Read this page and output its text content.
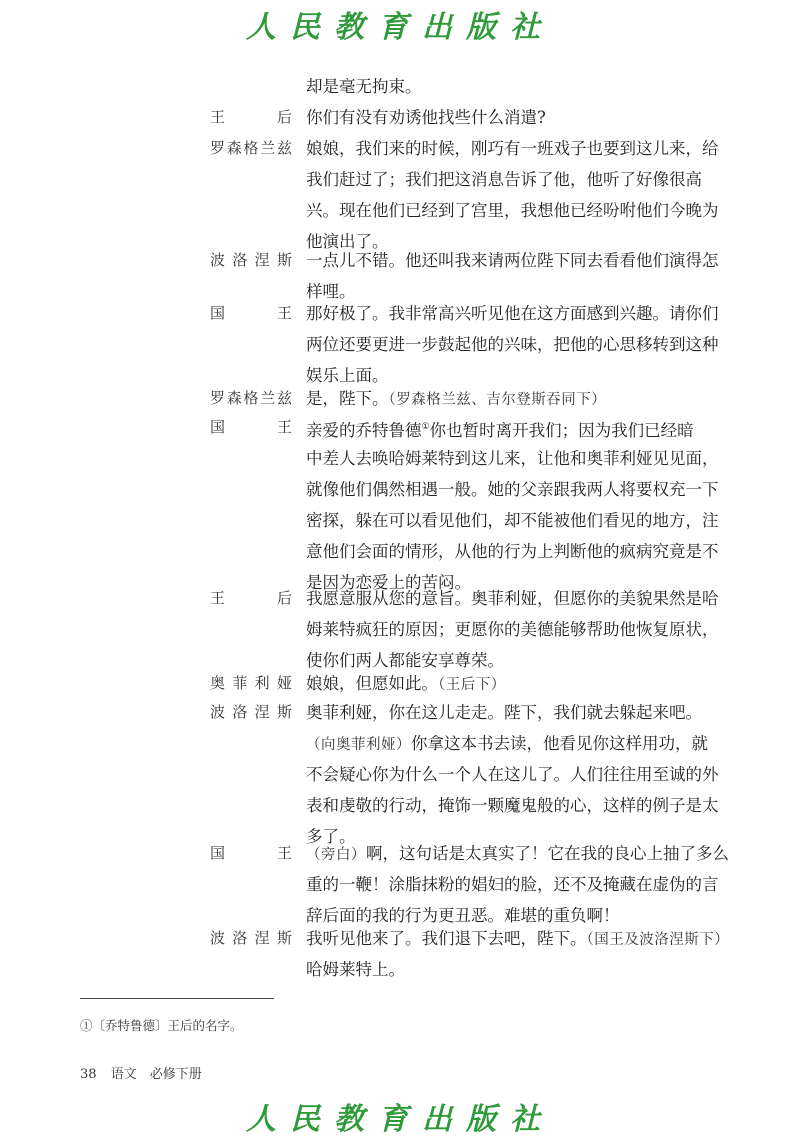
人民教育出版社
却是毫无拘束。
王	后 你们有没有劝诱他找些什么消遣?
罗 森 格 兰 兹 娘娘，我们来的时候，刚巧有一班戏子也要到这儿来，给
我们赶过了；我们把这消息告诉了他，他听了好像很高
兴。现在他们已经到了宫里，我想他已经吩咐他们今晚为
他演出了。
波 洛 涅 斯 一点儿不错。他还叫我来请两位陛下同去看看他们演得怎
样哩。
国	王 那好极了。我非常高兴听见他在这方面感到兴趣。请你们
两位还要更进一步鼓起他的兴味，把他的心思移转到这种
娱乐上面。
罗 森 格 兰 兹 是，陛下。（罗森格兰兹、吉尔登斯吞同下）
国	王 亲爱的乔特鲁德①你也暂时离开我们；因为我们已经暗
中差人去唤哈姆莱特到这儿来，让他和奥菲利娅见见面，
就像他们偶然相遇一般。她的父亲跟我两人将要权充一下
密探，躲在可以看见他们，却不能被他们看见的地方，注
意他们会面的情形，从他的行为上判断他的疯病究竟是不
是因为恋爱上的苦闷。
王	后 我愿意服从您的意旨。奥菲利娅，但愿你的美貌果然是哈
姆莱特疯狂的原因；更愿你的美德能够帮助他恢复原状，
使你们两人都能安享尊荣。
奥 菲 利 娅 娘娘，但愿如此。（王后下）
波 洛 涅 斯 奥菲利娅，你在这儿走走。陛下，我们就去躲起来吧。
（向奥菲利娅）你拿这本书去读，他看见你这样用功，就
不会疑心你为什么一个人在这儿了。人们往往用至诚的外
表和虔敬的行动，掩饰一颗魔鬼般的心，这样的例子是太
多了。
国	王 （旁白）啊，这句话是太真实了！它在我的良心上抽了多么
重的一鞭！涂脂抹粉的娼妇的脸，还不及掩藏在虚伪的言
辞后面的我的行为更丑恶。难堪的重负啊！
波 洛 涅 斯 我听见他来了。我们退下去吧，陛下。（国王及波洛涅斯下）
哈姆莱特上。
①〔乔特鲁德〕王后的名字。
38 语文　必修下册
人民教育出版社
